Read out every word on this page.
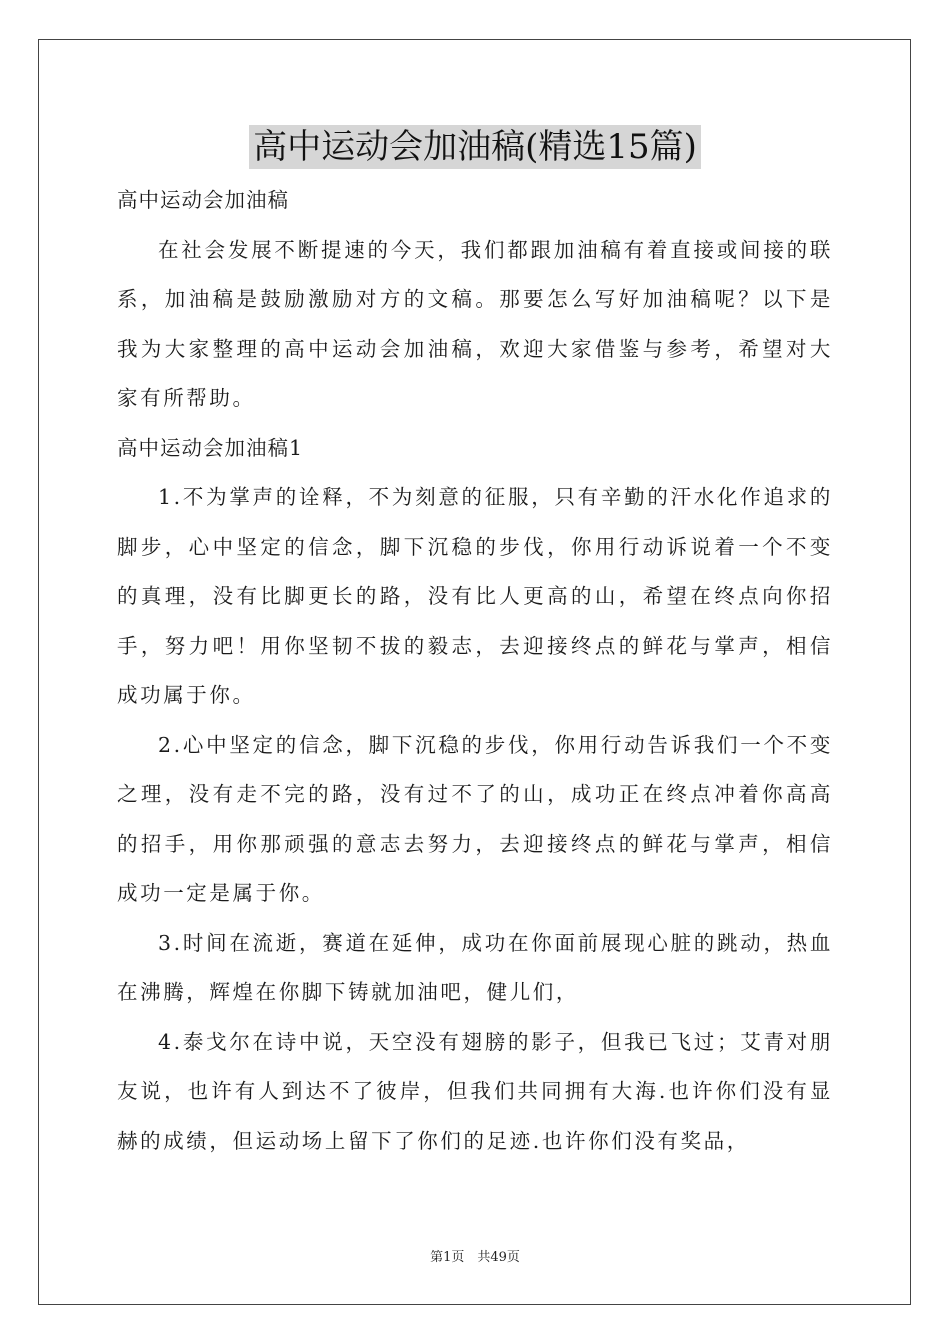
高中运动会加油稿(精选15篇)

高中运动会加油稿

在社会发展不断提速的今天，我们都跟加油稿有着直接或间接的联系，加油稿是鼓励激励对方的文稿。那要怎么写好加油稿呢？以下是我为大家整理的高中运动会加油稿，欢迎大家借鉴与参考，希望对大家有所帮助。

高中运动会加油稿1

1.不为掌声的诠释，不为刻意的征服，只有辛勤的汗水化作追求的脚步，心中坚定的信念，脚下沉稳的步伐，你用行动诉说着一个不变的真理，没有比脚更长的路，没有比人更高的山，希望在终点向你招手，努力吧！用你坚韧不拔的毅志，去迎接终点的鲜花与掌声，相信成功属于你。

2.心中坚定的信念，脚下沉稳的步伐，你用行动告诉我们一个不变之理，没有走不完的路，没有过不了的山，成功正在终点冲着你高高的招手，用你那顽强的意志去努力，去迎接终点的鲜花与掌声，相信成功一定是属于你。

3.时间在流逝，赛道在延伸，成功在你面前展现心脏的跳动，热血在沸腾，辉煌在你脚下铸就加油吧，健儿们，

4.泰戈尔在诗中说，天空没有翅膀的影子，但我已飞过；艾青对朋友说，也许有人到达不了彼岸，但我们共同拥有大海.也许你们没有显赫的成绩，但运动场上留下了你们的足迹.也许你们没有奖品，

第1页　共49页
